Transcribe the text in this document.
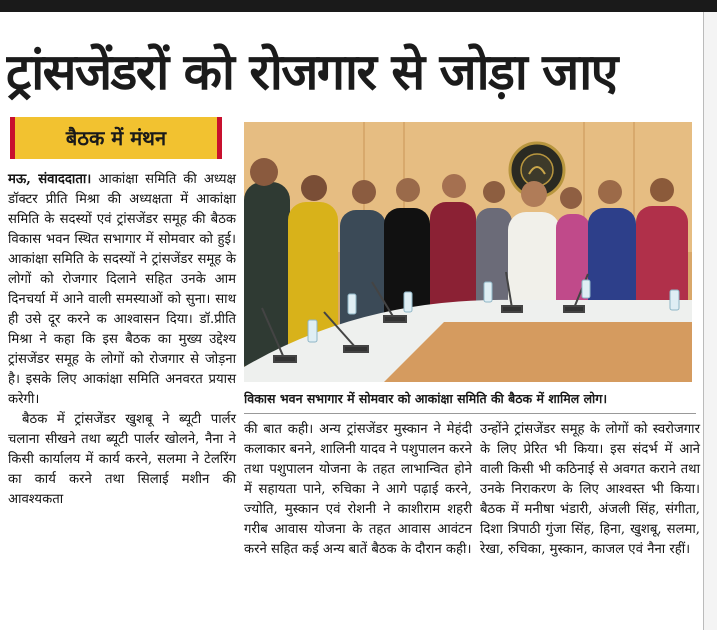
ट्रांसजेंडरों को रोजगार से जोड़ा जाए
बैठक में मंथन

मऊ, संवाददाता। आकांक्षा समिति की अध्यक्ष डॉक्टर प्रीति मिश्रा की अध्यक्षता में आकांक्षा समिति के सदस्यों एवं ट्रांसजेंडर समूह की बैठक विकास भवन स्थित सभागार में सोमवार को हुई। आकांक्षा समिति के सदस्यों ने ट्रांसजेंडर समूह के लोगों को रोजगार दिलाने सहित उनके आम दिनचर्या में आने वाली समस्याओं को सुना। साथ ही उसे दूर करने क आश्वासन दिया। डॉ.प्रीति मिश्रा ने कहा कि इस बैठक का मुख्य उद्देश्य ट्रांसजेंडर समूह के लोगों को रोजगार से जोड़ना है। इसके लिए आकांक्षा समिति अनवरत प्रयास करेगी।

बैठक में ट्रांसजेंडर खुशबू ने ब्यूटी पार्लर चलाना सीखने तथा ब्यूटी पार्लर खोलने, नैना ने किसी कार्यालय में कार्य करने, सलमा ने टेलरिंग का कार्य करने तथा सिलाई मशीन की आवश्यकता

विकास भवन सभागार में सोमवार को आकांक्षा समिति की बैठक में शामिल लोग।

की बात कही। अन्य ट्रांसजेंडर मुस्कान ने मेहंदी कलाकार बनने, शालिनी यादव ने पशुपालन करने तथा पशुपालन योजना के तहत लाभान्वित होने में सहायता पाने, रुचिका ने आगे पढ़ाई करने, ज्योति, मुस्कान एवं रोशनी ने काशीराम शहरी गरीब आवास योजना के तहत आवास आवंटन करने सहित कई अन्य बातें बैठक के दौरान कही।

उन्होंने ट्रांसजेंडर समूह के लोगों को स्वरोजगार के लिए प्रेरित भी किया। इस संदर्भ में आने वाली किसी भी कठिनाई से अवगत कराने तथा उनके निराकरण के लिए आश्वस्त भी किया। बैठक में मनीषा भंडारी, अंजली सिंह, संगीता, दिशा त्रिपाठी गुंजा सिंह, हिना, खुशबू, सलमा, रेखा, रुचिका, मुस्कान, काजल एवं नैना रहीं।
